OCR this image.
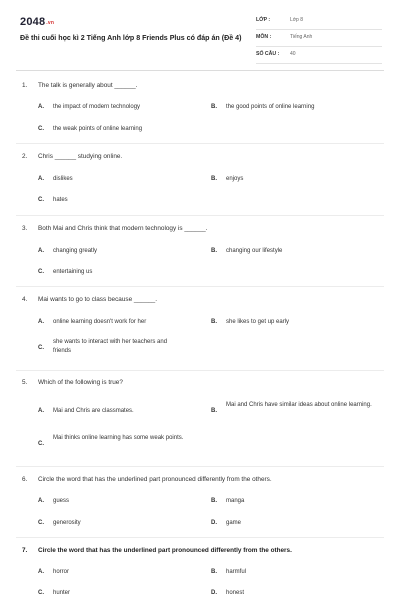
2048.vn
Đề thi cuối học kì 2 Tiếng Anh lớp 8 Friends Plus có đáp án (Đề 4)
LỚP :	Lớp 8
MÔN :	Tiếng Anh
SỐ CÂU : 40
1. The talk is generally about ______.
A. the impact of modern technology	B. the good points of online learning
C. the weak points of online learning
2. Chris ______ studying online.
A. dislikes	B. enjoys
C. hates
3. Both Mai and Chris think that modern technology is ______.
A. changing greatly	B. changing our lifestyle
C. entertaining us
4. Mai wants to go to class because ______.
A. online learning doesn't work for her	B. she likes to get up early
C.
she wants to interact with her teachers and friends
5. Which of the following is true?
A. Mai and Chris are classmates.	B.
Mai and Chris have similar ideas about online learning.
C.
Mai thinks online learning has some weak points.
6. Circle the word that has the underlined part pronounced differently from the others.
A. guess	B. manga
C. generosity	D. game
7. Circle the word that has the underlined part pronounced differently from the others.
A. horror	B. harmful
C. hunter	D. honest
